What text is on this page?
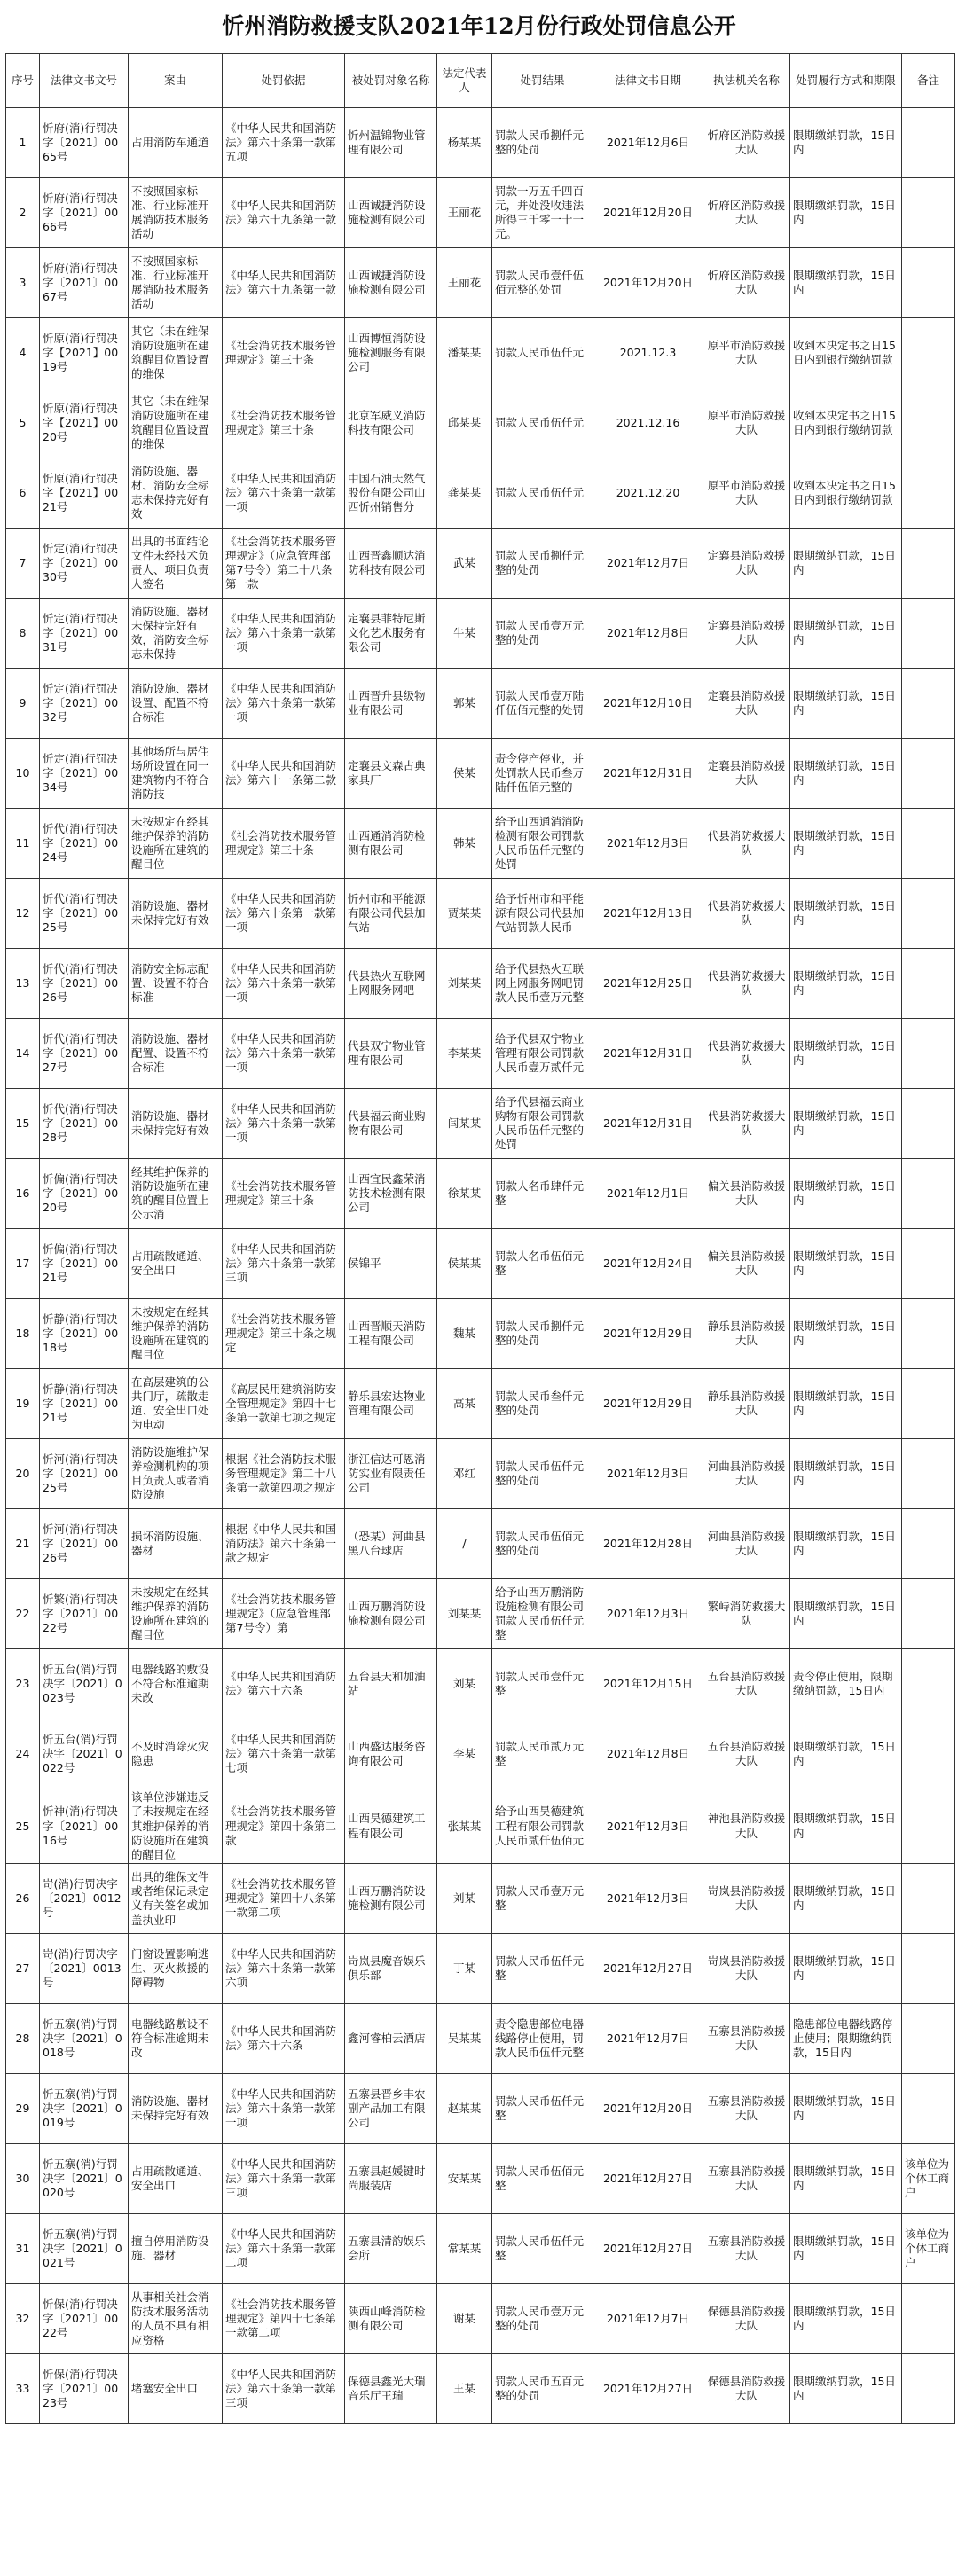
忻州消防救援支队2021年12月份行政处罚信息公开
序号	法律文书文号	案由	处罚依据	被处罚对象名称	法定代表人	处罚结果	法律文书日期	执法机关名称	处罚履行方式和期限	备注
1	忻府(消)行罚决字〔2021〕0065号	占用消防车通道	《中华人民共和国消防法》第六十条第一款第五项	忻州温锦物业管理有限公司	杨某某	罚款人民币捌仟元整的处罚	2021年12月6日	忻府区消防救援大队	限期缴纳罚款，15日内	
2	忻府(消)行罚决字〔2021〕0066号	不按照国家标准、行业标准开展消防技术服务活动	《中华人民共和国消防法》第六十九条第一款	山西诚捷消防设施检测有限公司	王丽花	罚款一万五千四百元，并处没收违法所得三千零一十一元。	2021年12月20日	忻府区消防救援大队	限期缴纳罚款，15日内	
3	忻府(消)行罚决字〔2021〕0067号	不按照国家标准、行业标准开展消防技术服务活动	《中华人民共和国消防法》第六十九条第一款	山西诚捷消防设施检测有限公司	王丽花	罚款人民币壹仟伍佰元整的处罚	2021年12月20日	忻府区消防救援大队	限期缴纳罚款，15日内	
4	忻原(消)行罚决字【2021】0019号	其它（未在维保消防设施所在建筑醒目位置设置的维保	《社会消防技术服务管理规定》第三十条	山西博恒消防设施检测服务有限公司	潘某某	罚款人民币伍仟元	2021.12.3	原平市消防救援大队	收到本决定书之日15日内到银行缴纳罚款	
5	忻原(消)行罚决字【2021】0020号	其它（未在维保消防设施所在建筑醒目位置设置的维保	《社会消防技术服务管理规定》第三十条	北京军威义消防科技有限公司	邱某某	罚款人民币伍仟元	2021.12.16	原平市消防救援大队	收到本决定书之日15日内到银行缴纳罚款	
6	忻原(消)行罚决字【2021】0021号	消防设施、器材、消防安全标志未保持完好有效	《中华人民共和国消防法》第六十条第一款第一项	中国石油天然气股份有限公司山西忻州销售分	龚某某	罚款人民币伍仟元	2021.12.20	原平市消防救援大队	收到本决定书之日15日内到银行缴纳罚款	
7	忻定(消)行罚决字〔2021〕0030号	出具的书面结论文件未经技术负责人、项目负责人签名	《社会消防技术服务管理规定》（应急管理部第7号令）第二十八条第一款	山西晋鑫顺达消防科技有限公司	武某	罚款人民币捌仟元整的处罚	2021年12月7日	定襄县消防救援大队	限期缴纳罚款，15日内	
8	忻定(消)行罚决字〔2021〕0031号	消防设施、器材未保持完好有效，消防安全标志未保持	《中华人民共和国消防法》第六十条第一款第一项	定襄县菲特尼斯文化艺术服务有限公司	牛某	罚款人民币壹万元整的处罚	2021年12月8日	定襄县消防救援大队	限期缴纳罚款，15日内	
9	忻定(消)行罚决字〔2021〕0032号	消防设施、器材设置、配置不符合标准	《中华人民共和国消防法》第六十条第一款第一项	山西晋升县级物业有限公司	郭某	罚款人民币壹万陆仟伍佰元整的处罚	2021年12月10日	定襄县消防救援大队	限期缴纳罚款，15日内	
10	忻定(消)行罚决字〔2021〕0034号	其他场所与居住场所设置在同一建筑物内不符合消防技	《中华人民共和国消防法》第六十一条第二款	定襄县文森古典家具厂	侯某	责令停产停业，并处罚款人民币叁万陆仟伍佰元整的	2021年12月31日	定襄县消防救援大队	限期缴纳罚款，15日内	
11	忻代(消)行罚决字〔2021〕0024号	未按规定在经其维护保养的消防设施所在建筑的醒目位	《社会消防技术服务管理规定》第三十条	山西通消消防检测有限公司	韩某	给予山西通消消防检测有限公司罚款人民币伍仟元整的处罚	2021年12月3日	代县消防救援大队	限期缴纳罚款，15日内	
12	忻代(消)行罚决字〔2021〕0025号	消防设施、器材未保持完好有效	《中华人民共和国消防法》第六十条第一款第一项	忻州市和平能源有限公司代县加气站	贾某某	给予忻州市和平能源有限公司代县加气站罚款人民币	2021年12月13日	代县消防救援大队	限期缴纳罚款，15日内	
13	忻代(消)行罚决字〔2021〕0026号	消防安全标志配置、设置不符合标准	《中华人民共和国消防法》第六十条第一款第一项	代县热火互联网上网服务网吧	刘某某	给予代县热火互联网上网服务网吧罚款人民币壹万元整	2021年12月25日	代县消防救援大队	限期缴纳罚款，15日内	
14	忻代(消)行罚决字〔2021〕0027号	消防设施、器材配置、设置不符合标准	《中华人民共和国消防法》第六十条第一款第一项	代县双宁物业管理有限公司	李某某	给予代县双宁物业管理有限公司罚款人民币壹万贰仟元	2021年12月31日	代县消防救援大队	限期缴纳罚款，15日内	
15	忻代(消)行罚决字〔2021〕0028号	消防设施、器材未保持完好有效	《中华人民共和国消防法》第六十条第一款第一项	代县福云商业购物有限公司	闫某某	给予代县福云商业购物有限公司罚款人民币伍仟元整的处罚	2021年12月31日	代县消防救援大队	限期缴纳罚款，15日内	
16	忻偏(消)行罚决字〔2021〕0020号	经其维护保养的消防设施所在建筑的醒目位置上公示消	《社会消防技术服务管理规定》第三十条	山西宜民鑫荣消防技术检测有限公司	徐某某	罚款人名币肆仟元整	2021年12月1日	偏关县消防救援大队	限期缴纳罚款，15日内	
17	忻偏(消)行罚决字〔2021〕0021号	占用疏散通道、安全出口	《中华人民共和国消防法》第六十条第一款第三项	侯锦平	侯某某	罚款人名币伍佰元整	2021年12月24日	偏关县消防救援大队	限期缴纳罚款，15日内	
18	忻静(消)行罚决字〔2021〕0018号	未按规定在经其维护保养的消防设施所在建筑的醒目位	《社会消防技术服务管理规定》第三十条之规定	山西晋顺天消防工程有限公司	魏某	罚款人民币捌仟元整的处罚	2021年12月29日	静乐县消防救援大队	限期缴纳罚款，15日内	
19	忻静(消)行罚决字〔2021〕0021号	在高层建筑的公共门厅，疏散走道、安全出口处为电动	《高层民用建筑消防安全管理规定》第四十七条第一款第七项之规定	静乐县宏达物业管理有限公司	高某	罚款人民币叁仟元整的处罚	2021年12月29日	静乐县消防救援大队	限期缴纳罚款，15日内	
20	忻河(消)行罚决字〔2021〕0025号	消防设施维护保养检测机构的项目负责人或者消防设施	根据《社会消防技术服务管理规定》第二十八条第一款第四项之规定	浙江信达可恩消防实业有限责任公司	邓红	罚款人民币伍仟元整的处罚	2021年12月3日	河曲县消防救援大队	限期缴纳罚款，15日内	
21	忻河(消)行罚决字〔2021〕0026号	损坏消防设施、器材	根据《中华人民共和国消防法》第六十条第一款之规定	（恐某）河曲县黑八台球店	/	罚款人民币伍佰元整的处罚	2021年12月28日	河曲县消防救援大队	限期缴纳罚款，15日内	
22	忻繁(消)行罚决字〔2021〕0022号	未按规定在经其维护保养的消防设施所在建筑的醒目位	《社会消防技术服务管理规定》（应急管理部第7号令）第	山西万鹏消防设施检测有限公司	刘某某	给予山西万鹏消防设施检测有限公司罚款人民币伍仟元整	2021年12月3日	繁峙消防救援大队	限期缴纳罚款，15日内	
23	忻五台(消)行罚决字〔2021〕0023号	电器线路的敷设不符合标准逾期未改	《中华人民共和国消防法》第六十六条	五台县天和加油站	刘某	罚款人民币壹仟元整	2021年12月15日	五台县消防救援大队	责令停止使用，限期缴纳罚款，15日内	
24	忻五台(消)行罚决字〔2021〕0022号	不及时消除火灾隐患	《中华人民共和国消防法》第六十条第一款第七项	山西盛达服务咨询有限公司	李某	罚款人民币贰万元整	2021年12月8日	五台县消防救援大队	限期缴纳罚款，15日内	
25	忻神(消)行罚决字〔2021〕0016号	该单位涉嫌违反了未按规定在经其维护保养的消防设施所在建筑的醒目位	《社会消防技术服务管理规定》第四十条第二款	山西昊德建筑工程有限公司	张某某	给予山西昊德建筑工程有限公司罚款人民币贰仟伍佰元	2021年12月3日	神池县消防救援大队	限期缴纳罚款，15日内	
26	岢(消)行罚决字〔2021〕0012号	出具的维保文件或者维保记录定义有关签名或加盖执业印	《社会消防技术服务管理规定》第四十八条第一款第二项	山西万鹏消防设施检测有限公司	刘某	罚款人民币壹万元整	2021年12月3日	岢岚县消防救援大队	限期缴纳罚款，15日内	
27	岢(消)行罚决字〔2021〕0013号	门窗设置影响逃生、灭火救援的障碍物	《中华人民共和国消防法》第六十条第一款第六项	岢岚县魔音娱乐俱乐部	丁某	罚款人民币伍仟元整	2021年12月27日	岢岚县消防救援大队	限期缴纳罚款，15日内	
28	忻五寨(消)行罚决字〔2021〕0018号	电器线路敷设不符合标准逾期未改	《中华人民共和国消防法》第六十六条	鑫河睿柏云酒店	吴某某	责令隐患部位电器线路停止使用，罚款人民币伍仟元整	2021年12月7日	五寨县消防救援大队	隐患部位电器线路停止使用；限期缴纳罚款，15日内	
29	忻五寨(消)行罚决字〔2021〕0019号	消防设施、器材未保持完好有效	《中华人民共和国消防法》第六十条第一款第一项	五寨县晋乡丰农副产品加工有限公司	赵某某	罚款人民币伍仟元整	2021年12月20日	五寨县消防救援大队	限期缴纳罚款，15日内	
30	忻五寨(消)行罚决字〔2021〕0020号	占用疏散通道、安全出口	《中华人民共和国消防法》第六十条第一款第三项	五寨县赵媛键时尚服装店	安某某	罚款人民币伍佰元整	2021年12月27日	五寨县消防救援大队	限期缴纳罚款，15日内	该单位为个体工商户
31	忻五寨(消)行罚决字〔2021〕0021号	擅自停用消防设施、器材	《中华人民共和国消防法》第六十条第一款第二项	五寨县清韵娱乐会所	常某某	罚款人民币伍仟元整	2021年12月27日	五寨县消防救援大队	限期缴纳罚款，15日内	该单位为个体工商户
32	忻保(消)行罚决字〔2021〕0022号	从事相关社会消防技术服务活动的人员不具有相应资格	《社会消防技术服务管理规定》第四十七条第一款第二项	陕西山峰消防检测有限公司	谢某	罚款人民币壹万元整的处罚	2021年12月7日	保德县消防救援大队	限期缴纳罚款，15日内	
33	忻保(消)行罚决字〔2021〕0023号	堵塞安全出口	《中华人民共和国消防法》第六十条第一款第三项	保德县鑫光大瑞音乐厅王瑞	王某	罚款人民币五百元整的处罚	2021年12月27日	保德县消防救援大队	限期缴纳罚款，15日内	
